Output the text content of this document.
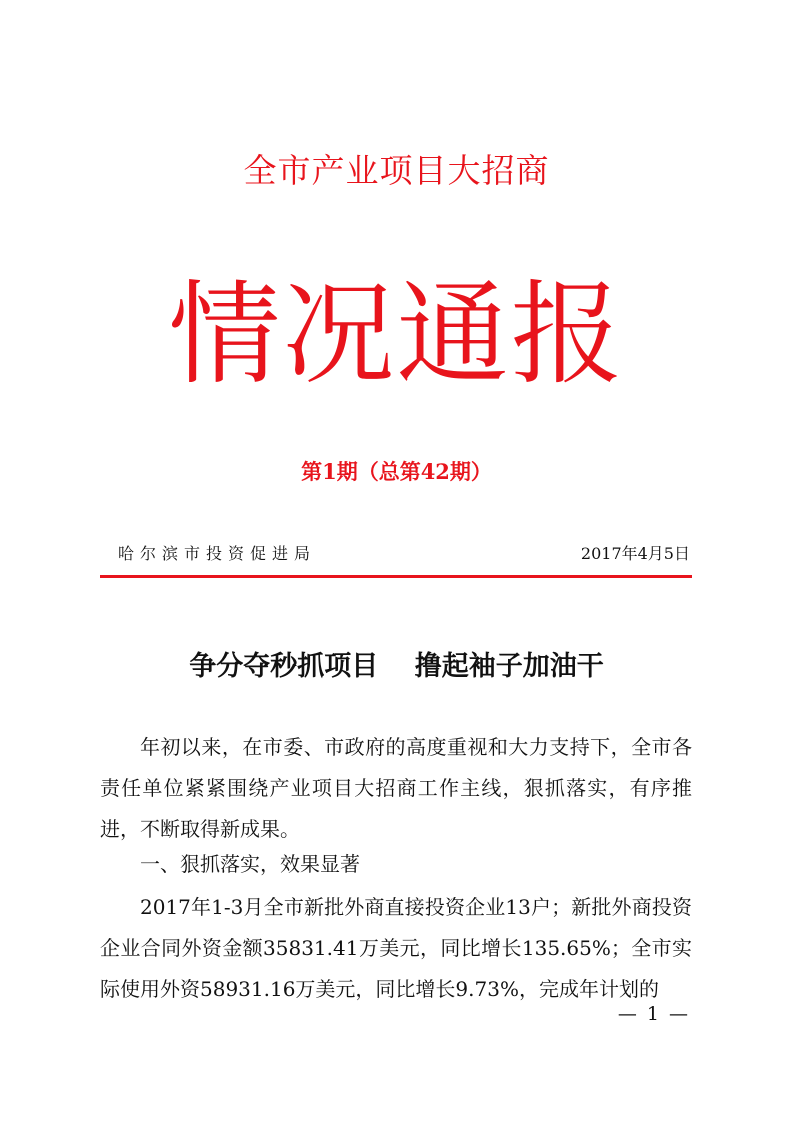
全市产业项目大招商
情况通报
第1期（总第42期）
哈尔滨市投资促进局	2017年4月5日
争分夺秒抓项目　 撸起袖子加油干
年初以来，在市委、市政府的高度重视和大力支持下，全市各责任单位紧紧围绕产业项目大招商工作主线，狠抓落实，有序推进，不断取得新成果。
一、狠抓落实，效果显著
2017年1-3月全市新批外商直接投资企业13户；新批外商投资企业合同外资金额35831.41万美元，同比增长135.65%；全市实际使用外资58931.16万美元，同比增长9.73%，完成年计划的
— 1 —
